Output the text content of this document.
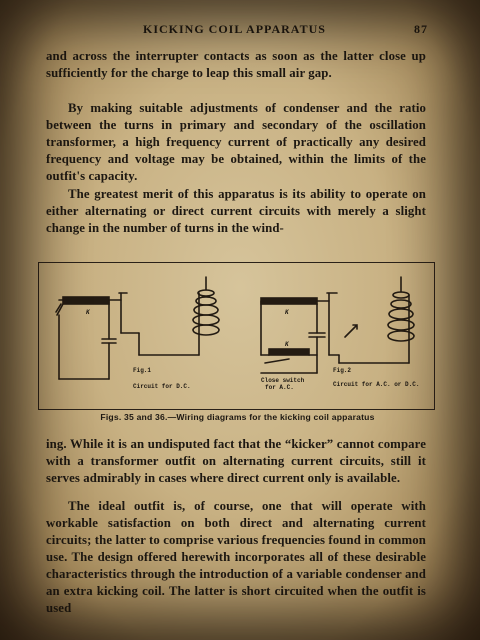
KICKING COIL APPARATUS	87
and across the interrupter contacts as soon as the latter close up sufficiently for the charge to leap this small air gap.
By making suitable adjustments of condenser and the ratio between the turns in primary and secondary of the oscillation transformer, a high frequency current of practically any desired frequency and voltage may be obtained, within the limits of the outfit's capacity.
The greatest merit of this apparatus is its ability to operate on either alternating or direct current circuits with merely a slight change in the number of turns in the wind-
K
Fig.1
Circuit for D.C.
K
K
Close switch
for A.C.
Fig.2
Circuit for A.C. or D.C.
Figs. 35 and 36.—Wiring diagrams for the kicking coil apparatus
ing. While it is an undisputed fact that the “kicker” cannot compare with a transformer outfit on alternating current circuits, still it serves admirably in cases where direct current only is available.
The ideal outfit is, of course, one that will operate with workable satisfaction on both direct and alternating current circuits; the latter to comprise various frequencies found in common use. The design offered herewith incorporates all of these desirable characteristics through the introduction of a variable condenser and an extra kicking coil. The latter is short circuited when the outfit is used
